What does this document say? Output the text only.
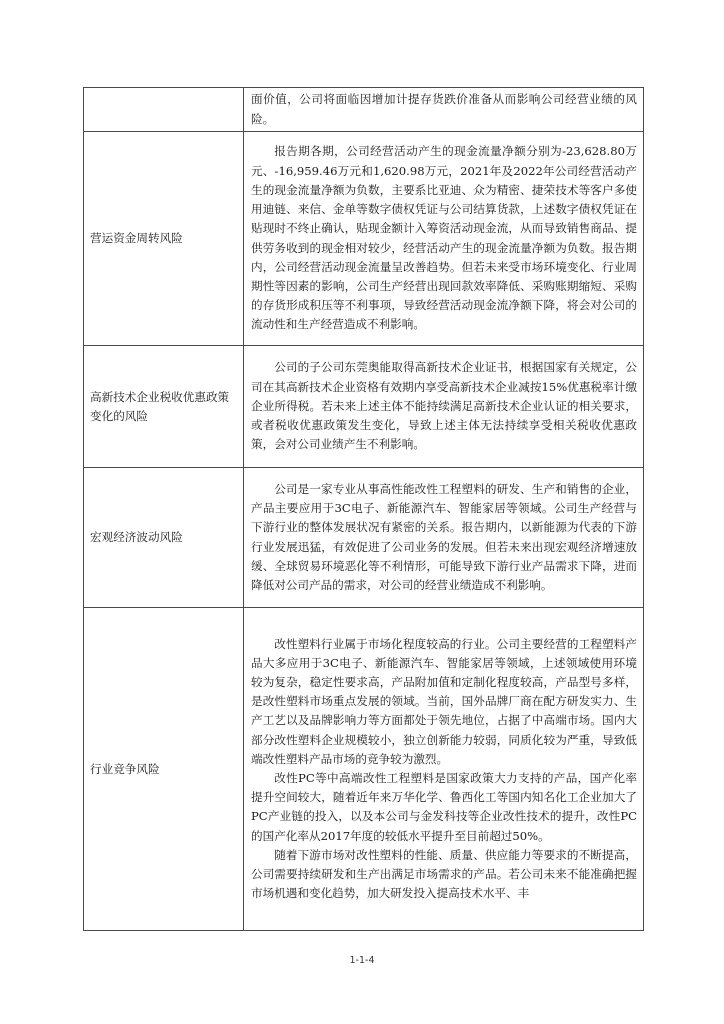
	面价值，公司将面临因增加计提存货跌价准备从而影响公司经营业绩的风险。

营运资金周转风险	报告期各期，公司经营活动产生的现金流量净额分别为-23,628.80万元、-16,959.46万元和1,620.98万元，2021年及2022年公司经营活动产生的现金流量净额为负数，主要系比亚迪、众为精密、捷荣技术等客户多使用迪链、来信、金单等数字债权凭证与公司结算货款，上述数字债权凭证在贴现时不终止确认，贴现金额计入筹资活动现金流，从而导致销售商品、提供劳务收到的现金相对较少，经营活动产生的现金流量净额为负数。报告期内，公司经营活动现金流量呈改善趋势。但若未来受市场环境变化、行业周期性等因素的影响，公司生产经营出现回款效率降低、采购账期缩短、采购的存货形成积压等不利事项，导致经营活动现金流净额下降，将会对公司的流动性和生产经营造成不利影响。

高新技术企业税收优惠政策变化的风险	公司的子公司东莞奥能取得高新技术企业证书，根据国家有关规定，公司在其高新技术企业资格有效期内享受高新技术企业减按15%优惠税率计缴企业所得税。若未来上述主体不能持续满足高新技术企业认证的相关要求，或者税收优惠政策发生变化，导致上述主体无法持续享受相关税收优惠政策，会对公司业绩产生不利影响。

宏观经济波动风险	公司是一家专业从事高性能改性工程塑料的研发、生产和销售的企业，产品主要应用于3C电子、新能源汽车、智能家居等领域。公司生产经营与下游行业的整体发展状况有紧密的关系。报告期内，以新能源为代表的下游行业发展迅猛，有效促进了公司业务的发展。但若未来出现宏观经济增速放缓、全球贸易环境恶化等不利情形，可能导致下游行业产品需求下降，进而降低对公司产品的需求，对公司的经营业绩造成不利影响。

行业竞争风险	改性塑料行业属于市场化程度较高的行业。公司主要经营的工程塑料产品大多应用于3C电子、新能源汽车、智能家居等领域，上述领域使用环境较为复杂，稳定性要求高，产品附加值和定制化程度较高，产品型号多样，是改性塑料市场重点发展的领域。当前，国外品牌厂商在配方研发实力、生产工艺以及品牌影响力等方面都处于领先地位，占据了中高端市场。国内大部分改性塑料企业规模较小，独立创新能力较弱，同质化较为严重，导致低端改性塑料产品市场的竞争较为激烈。

改性PC等中高端改性工程塑料是国家政策大力支持的产品，国产化率提升空间较大，随着近年来万华化学、鲁西化工等国内知名化工企业加大了PC产业链的投入，以及本公司与金发科技等企业改性技术的提升，改性PC的国产化率从2017年度的较低水平提升至目前超过50%。

随着下游市场对改性塑料的性能、质量、供应能力等要求的不断提高，公司需要持续研发和生产出满足市场需求的产品。若公司未来不能准确把握市场机遇和变化趋势，加大研发投入提高技术水平、丰

1-1-4
